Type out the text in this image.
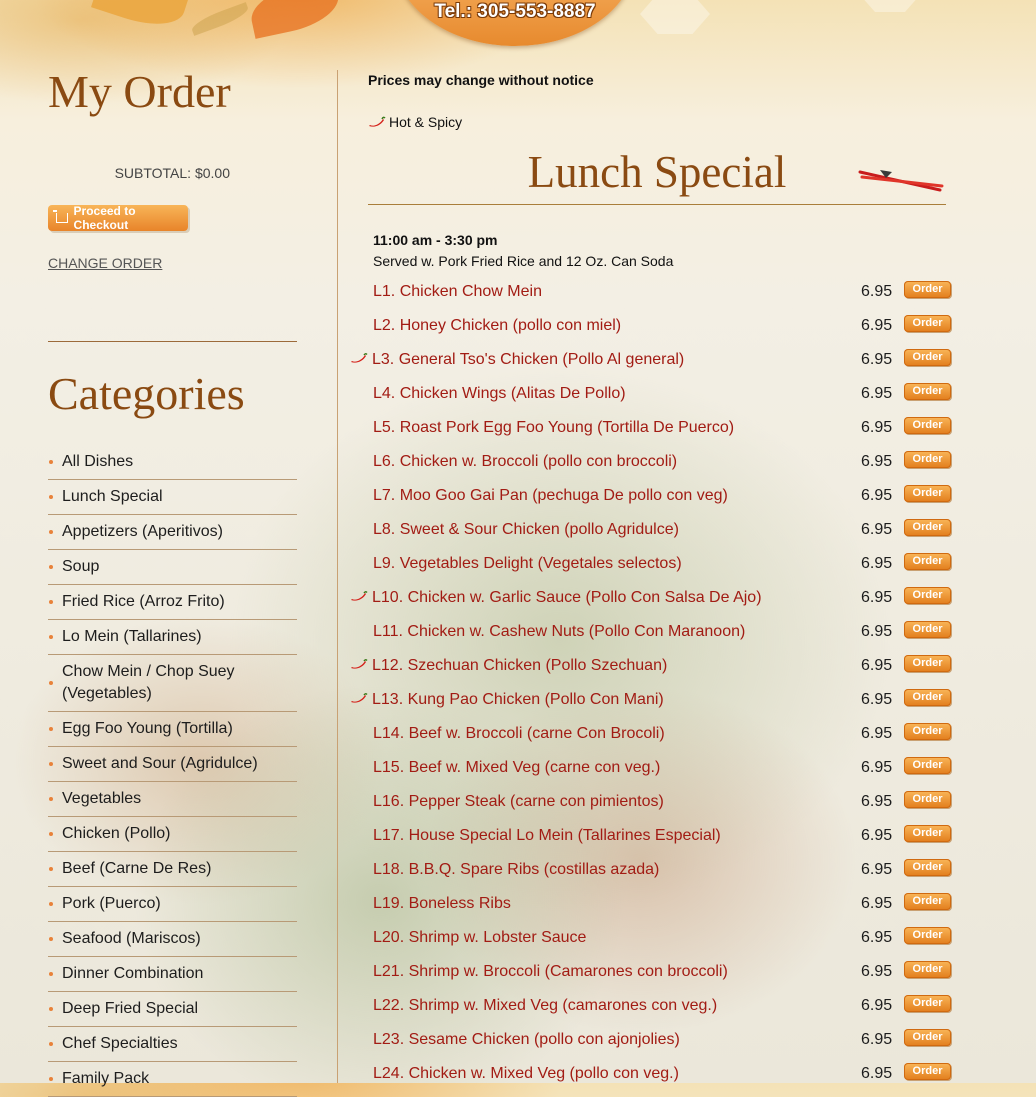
Tel.: 305-553-8887
My Order
SUBTOTAL: $0.00
Proceed to Checkout
CHANGE ORDER
Categories
All Dishes
Lunch Special
Appetizers (Aperitivos)
Soup
Fried Rice (Arroz Frito)
Lo Mein (Tallarines)
Chow Mein / Chop Suey (Vegetables)
Egg Foo Young (Tortilla)
Sweet and Sour (Agridulce)
Vegetables
Chicken (Pollo)
Beef (Carne De Res)
Pork (Puerco)
Seafood (Mariscos)
Dinner Combination
Deep Fried Special
Chef Specialties
Family Pack
Prices may change without notice
Hot & Spicy
Lunch Special
11:00 am - 3:30 pm
Served w. Pork Fried Rice and 12 Oz. Can Soda
L1. Chicken Chow Mein	6.95	Order
L2. Honey Chicken (pollo con miel)	6.95	Order
L3. General Tso's Chicken (Pollo Al general)	6.95	Order
L4. Chicken Wings (Alitas De Pollo)	6.95	Order
L5. Roast Pork Egg Foo Young (Tortilla De Puerco)	6.95	Order
L6. Chicken w. Broccoli (pollo con broccoli)	6.95	Order
L7. Moo Goo Gai Pan (pechuga De pollo con veg)	6.95	Order
L8. Sweet & Sour Chicken (pollo Agridulce)	6.95	Order
L9. Vegetables Delight (Vegetales selectos)	6.95	Order
L10. Chicken w. Garlic Sauce (Pollo Con Salsa De Ajo)	6.95	Order
L11. Chicken w. Cashew Nuts (Pollo Con Maranoon)	6.95	Order
L12. Szechuan Chicken (Pollo Szechuan)	6.95	Order
L13. Kung Pao Chicken (Pollo Con Mani)	6.95	Order
L14. Beef w. Broccoli (carne Con Brocoli)	6.95	Order
L15. Beef w. Mixed Veg (carne con veg.)	6.95	Order
L16. Pepper Steak (carne con pimientos)	6.95	Order
L17. House Special Lo Mein (Tallarines Especial)	6.95	Order
L18. B.B.Q. Spare Ribs (costillas azada)	6.95	Order
L19. Boneless Ribs	6.95	Order
L20. Shrimp w. Lobster Sauce	6.95	Order
L21. Shrimp w. Broccoli (Camarones con broccoli)	6.95	Order
L22. Shrimp w. Mixed Veg (camarones con veg.)	6.95	Order
L23. Sesame Chicken (pollo con ajonjolies)	6.95	Order
L24. Chicken w. Mixed Veg (pollo con veg.)	6.95	Order
